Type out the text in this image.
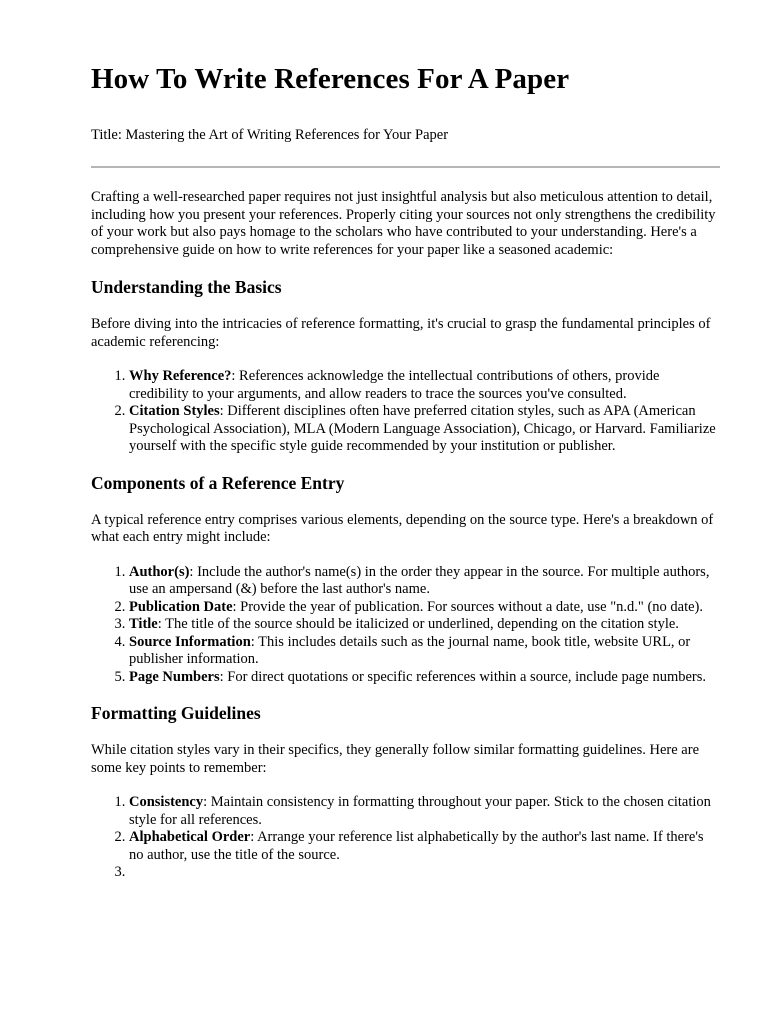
How To Write References For A Paper

Title: Mastering the Art of Writing References for Your Paper

Crafting a well-researched paper requires not just insightful analysis but also meticulous attention to detail, including how you present your references. Properly citing your sources not only strengthens the credibility of your work but also pays homage to the scholars who have contributed to your understanding. Here's a comprehensive guide on how to write references for your paper like a seasoned academic:

Understanding the Basics

Before diving into the intricacies of reference formatting, it's crucial to grasp the fundamental principles of academic referencing:

1. Why Reference?: References acknowledge the intellectual contributions of others, provide credibility to your arguments, and allow readers to trace the sources you've consulted.
2. Citation Styles: Different disciplines often have preferred citation styles, such as APA (American Psychological Association), MLA (Modern Language Association), Chicago, or Harvard. Familiarize yourself with the specific style guide recommended by your institution or publisher.
Components of a Reference Entry

A typical reference entry comprises various elements, depending on the source type. Here's a breakdown of what each entry might include:

1. Author(s): Include the author's name(s) in the order they appear in the source. For multiple authors, use an ampersand (&) before the last author's name.
2. Publication Date: Provide the year of publication. For sources without a date, use "n.d." (no date).
3. Title: The title of the source should be italicized or underlined, depending on the citation style.
4. Source Information: This includes details such as the journal name, book title, website URL, or publisher information.
5. Page Numbers: For direct quotations or specific references within a source, include page numbers.
Formatting Guidelines

While citation styles vary in their specifics, they generally follow similar formatting guidelines. Here are some key points to remember:

1. Consistency: Maintain consistency in formatting throughout your paper. Stick to the chosen citation style for all references.
2. Alphabetical Order: Arrange your reference list alphabetically by the author's last name. If there's no author, use the title of the source.
3.
